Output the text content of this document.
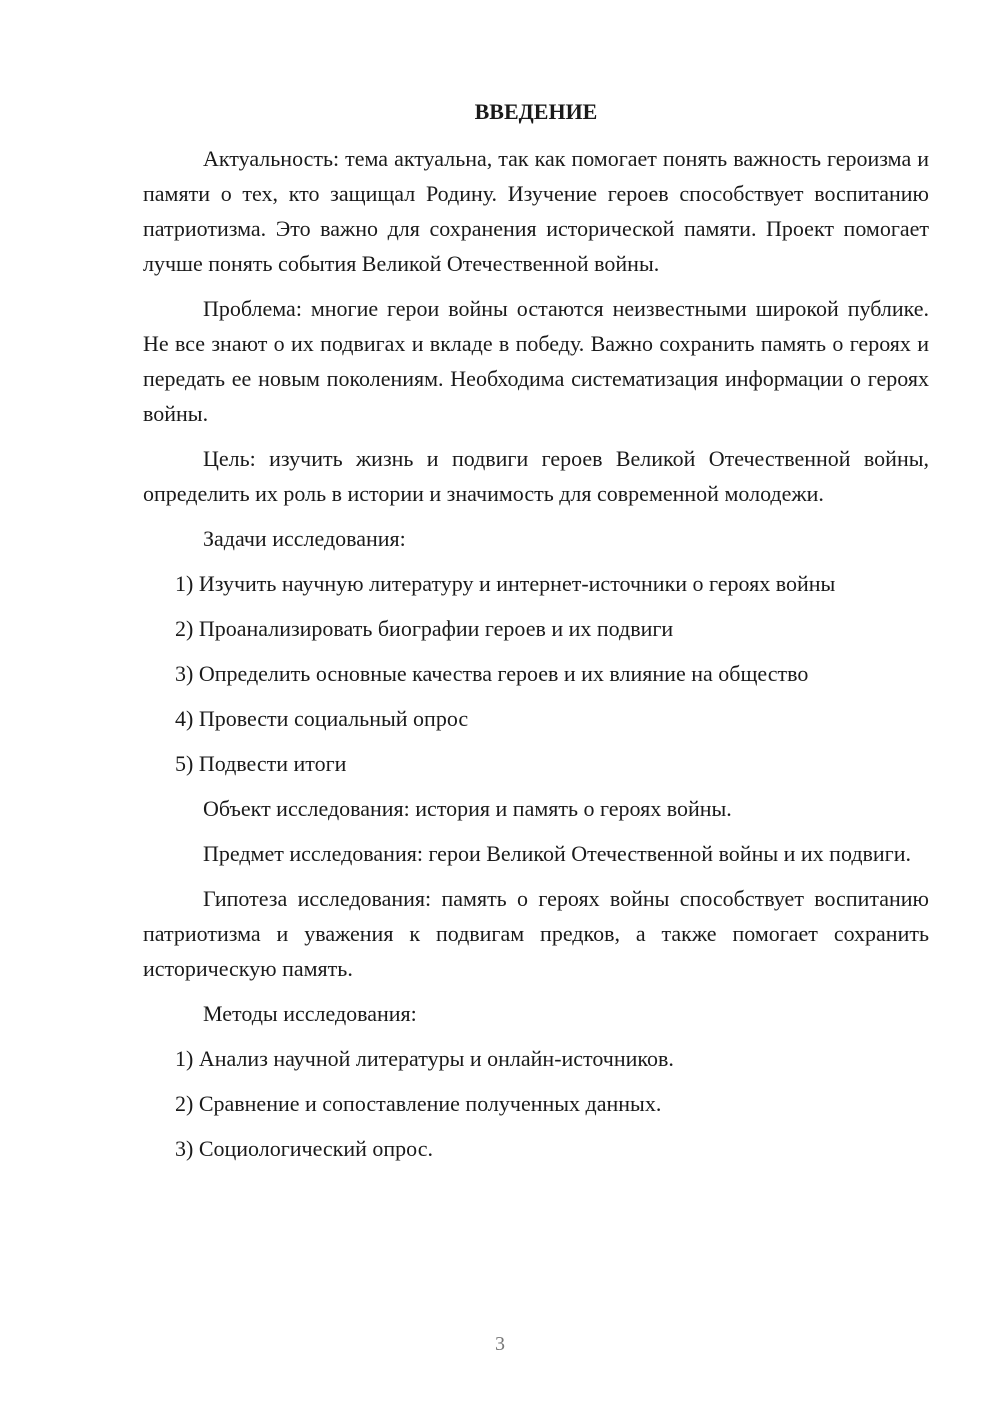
ВВЕДЕНИЕ

Актуальность: тема актуальна, так как помогает понять важность героизма и памяти о тех, кто защищал Родину. Изучение героев способствует воспитанию патриотизма. Это важно для сохранения исторической памяти. Проект помогает лучше понять события Великой Отечественной войны.

Проблема: многие герои войны остаются неизвестными широкой публике. Не все знают о их подвигах и вкладе в победу. Важно сохранить память о героях и передать ее новым поколениям. Необходима систематизация информации о героях войны.

Цель: изучить жизнь и подвиги героев Великой Отечественной войны, определить их роль в истории и значимость для современной молодежи.

Задачи исследования:

1) Изучить научную литературу и интернет-источники о героях войны

2) Проанализировать биографии героев и их подвиги

3) Определить основные качества героев и их влияние на общество

4) Провести социальный опрос

5) Подвести итоги

Объект исследования: история и память о героях войны.

Предмет исследования: герои Великой Отечественной войны и их подвиги.

Гипотеза исследования: память о героях войны способствует воспитанию патриотизма и уважения к подвигам предков, а также помогает сохранить историческую память.

Методы исследования:

1) Анализ научной литературы и онлайн-источников.

2) Сравнение и сопоставление полученных данных.

3) Социологический опрос.

3
